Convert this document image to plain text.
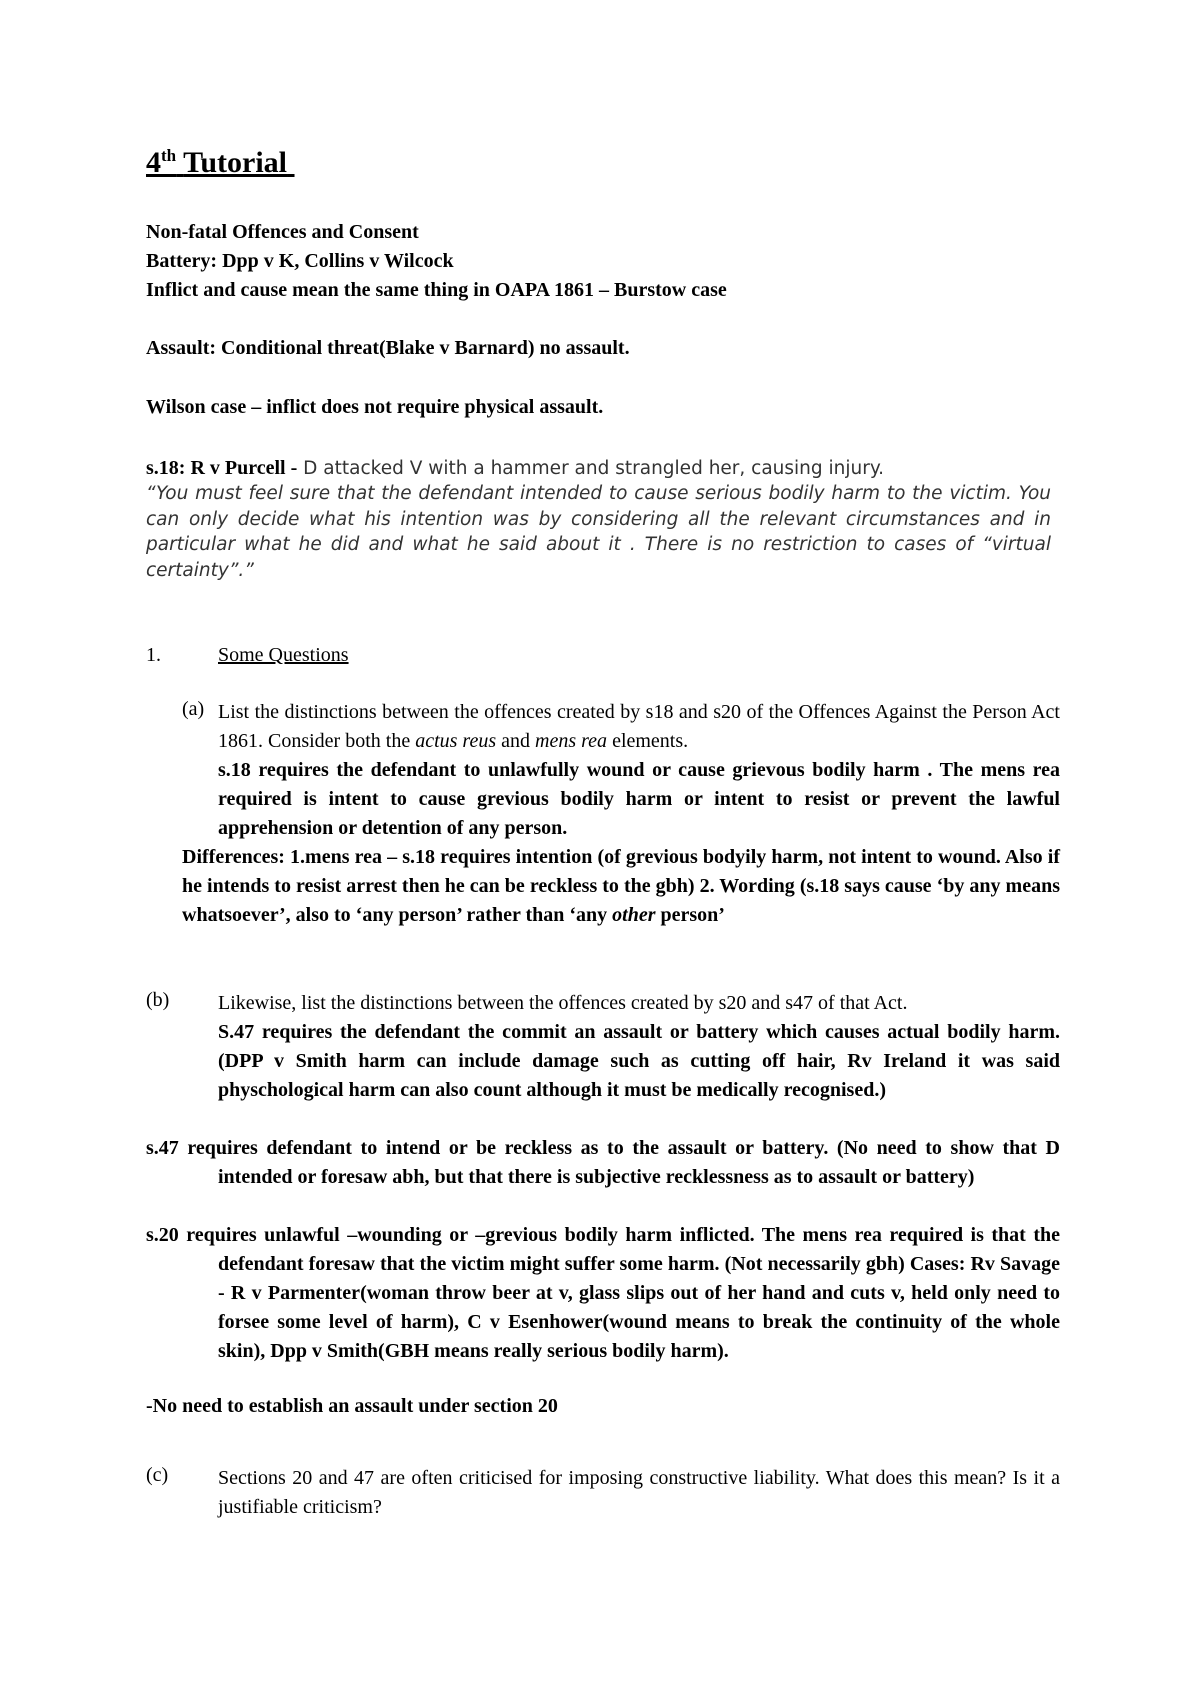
4th Tutorial
Non-fatal Offences and Consent
Battery: Dpp v K, Collins v Wilcock
Inflict and cause mean the same thing in OAPA 1861 – Burstow case
Assault: Conditional threat(Blake v Barnard) no assault.
Wilson case – inflict does not require physical assault.
s.18: R v Purcell - D attacked V with a hammer and strangled her, causing injury.
“You must feel sure that the defendant intended to cause serious bodily harm to the victim. You can only decide what his intention was by considering all the relevant circumstances and in particular what he did and what he said about it . There is no restriction to cases of “virtual certainty”.”
1.	Some Questions
(a) List the distinctions between the offences created by s18 and s20 of the Offences Against the Person Act 1861. Consider both the actus reus and mens rea elements.
s.18 requires the defendant to unlawfully wound or cause grievous bodily harm . The mens rea required is intent to cause grevious bodily harm or intent to resist or prevent the lawful apprehension or detention of any person.
Differences: 1.mens rea – s.18 requires intention (of grevious bodyily harm, not intent to wound. Also if he intends to resist arrest then he can be reckless to the gbh) 2. Wording (s.18 says cause ‘by any means whatsoever’, also to ‘any person’ rather than ‘any other person’
(b) Likewise, list the distinctions between the offences created by s20 and s47 of that Act.
S.47 requires the defendant the commit an assault or battery which causes actual bodily harm. (DPP v Smith harm can include damage such as cutting off hair, Rv Ireland it was said physchological harm can also count although it must be medically recognised.)
s.47 requires defendant to intend or be reckless as to the assault or battery. (No need to show that D intended or foresaw abh, but that there is subjective recklessness as to assault or battery)
s.20 requires unlawful –wounding or –grevious bodily harm inflicted. The mens rea required is that the defendant foresaw that the victim might suffer some harm. (Not necessarily gbh) Cases: Rv Savage - R v Parmenter(woman throw beer at v, glass slips out of her hand and cuts v, held only need to forsee some level of harm), C v Esenhower(wound means to break the continuity of the whole skin), Dpp v Smith(GBH means really serious bodily harm).
-No need to establish an assault under section 20
(c) Sections 20 and 47 are often criticised for imposing constructive liability. What does this mean? Is it a justifiable criticism?
